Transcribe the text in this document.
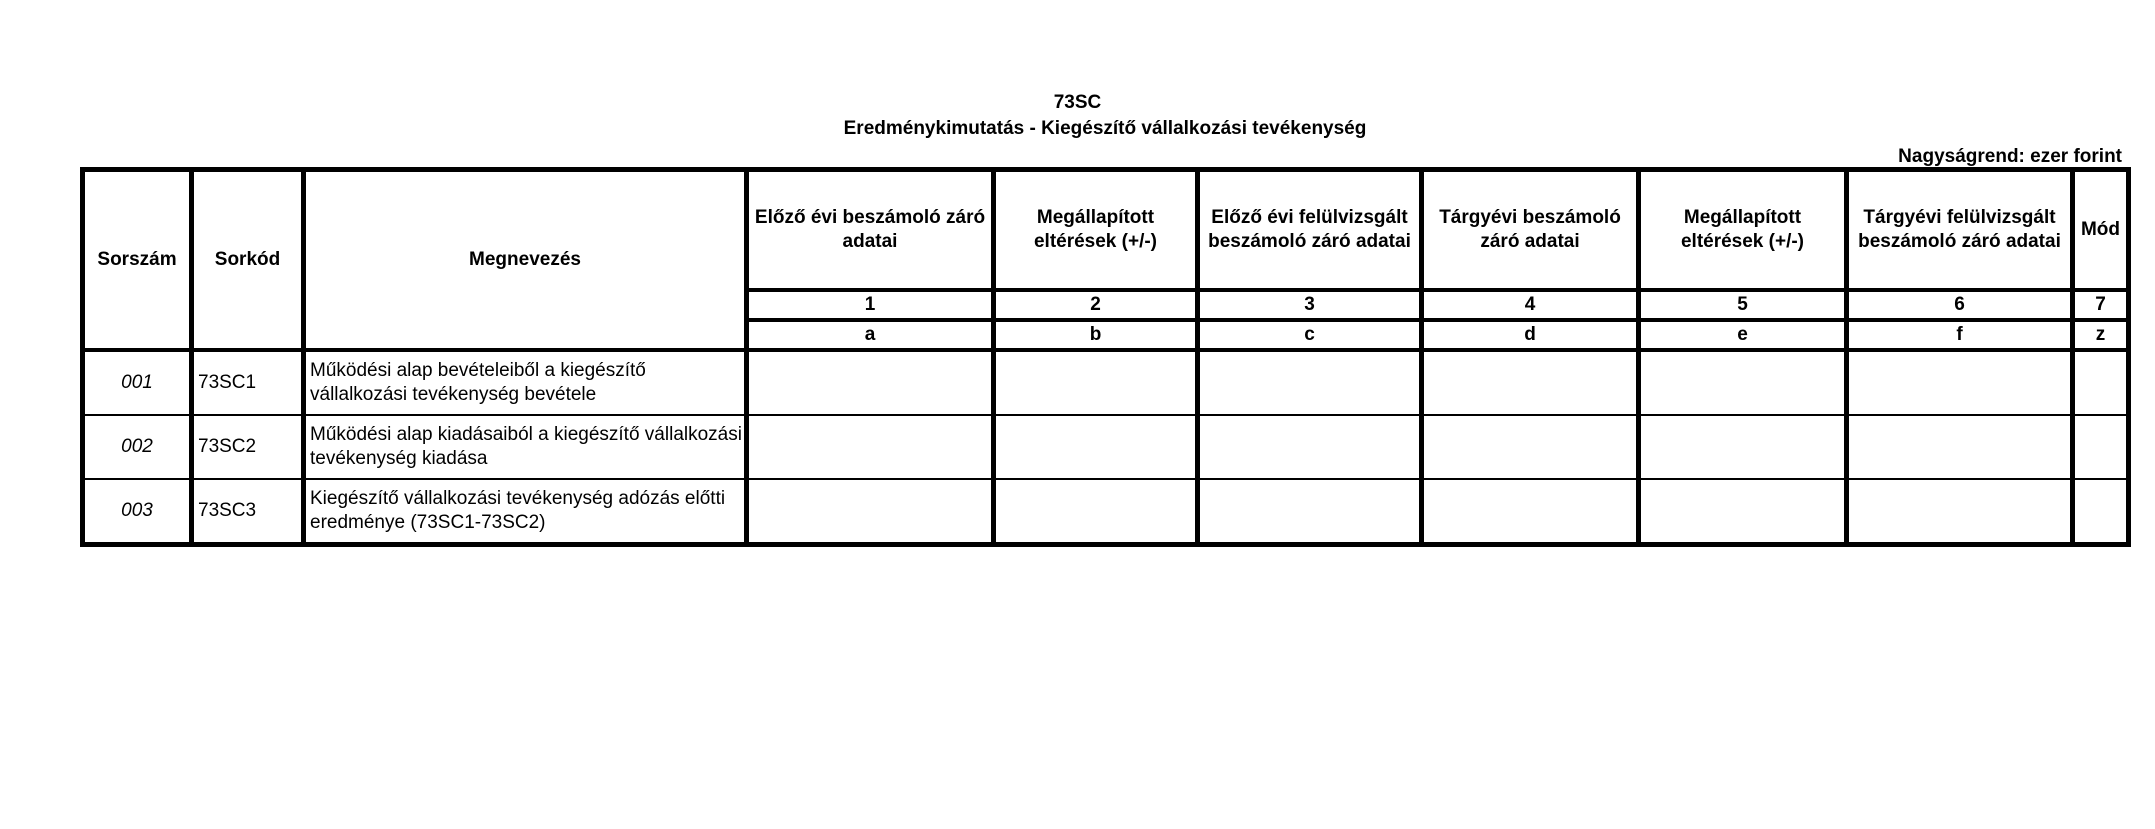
73SC
Eredménykimutatás - Kiegészítő vállalkozási tevékenység
Nagyságrend: ezer forint
Sorszám	Sorkód	Megnevezés	Előző évi beszámoló záró adatai	Megállapított eltérések (+/-)	Előző évi felülvizsgált beszámoló záró adatai	Tárgyévi beszámoló záró adatai	Megállapított eltérések (+/-)	Tárgyévi felülvizsgált beszámoló záró adatai	Mód
			1	2	3	4	5	6	7
			a	b	c	d	e	f	z
001	73SC1	Működési alap bevételeiből a kiegészítő vállalkozási tevékenység bevétele							
002	73SC2	Működési alap kiadásaiból a kiegészítő vállalkozási tevékenység kiadása							
003	73SC3	Kiegészítő vállalkozási tevékenység adózás előtti eredménye (73SC1-73SC2)							
